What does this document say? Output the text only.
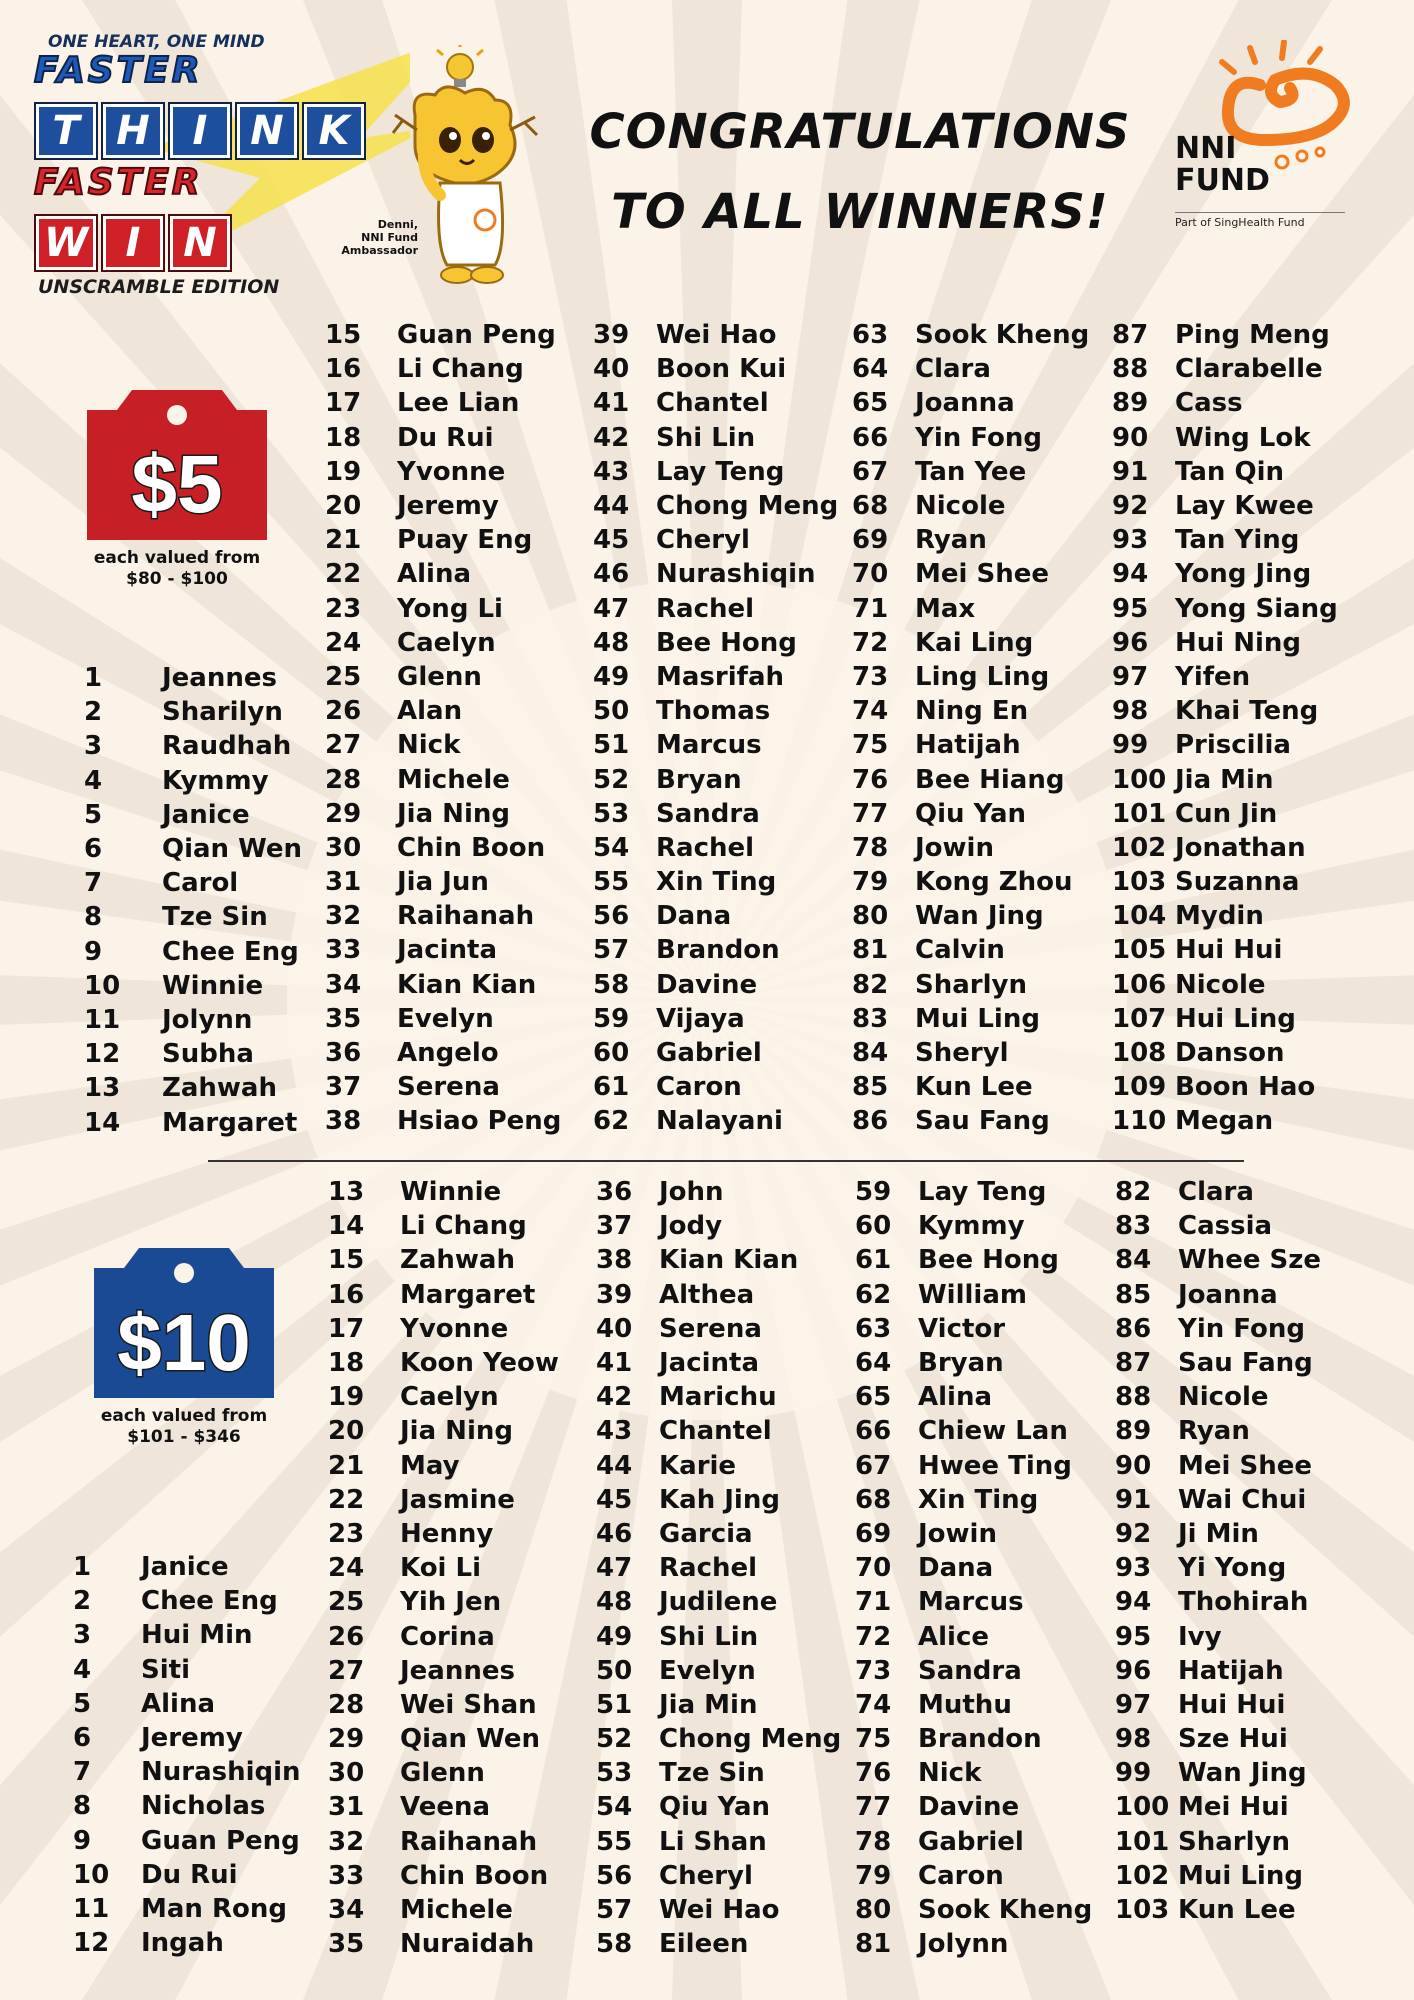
ONE HEART, ONE MIND
FASTER
T H	I	N K
FASTER
W I	N
UNSCRAMBLE EDITION
Denni,
NNI Fund
Ambassador
CONGRATULATIONS
TO ALL WINNERS!
NNI
FUND
Part of SingHealth Fund
$5
each valued from
$80 - $100
$10
each valued from
$101 - $346
1	Jeannes
2	Sharilyn
3	Raudhah
4	Kymmy
5	Janice
6	Qian Wen
7	Carol
8	Tze Sin
9	Chee Eng
10	Winnie
11	Jolynn
12	Subha
13	Zahwah
14	Margaret
15	Guan Peng
16	Li Chang
17	Lee Lian
18	Du Rui
19	Yvonne
20	Jeremy
21	Puay Eng
22	Alina
23	Yong Li
24	Caelyn
25	Glenn
26	Alan
27	Nick
28	Michele
29	Jia Ning
30	Chin Boon
31	Jia Jun
32	Raihanah
33	Jacinta
34	Kian Kian
35	Evelyn
36	Angelo
37	Serena
38	Hsiao Peng
39	Wei Hao
40	Boon Kui
41	Chantel
42	Shi Lin
43	Lay Teng
44	Chong Meng
45	Cheryl
46	Nurashiqin
47	Rachel
48	Bee Hong
49	Masrifah
50	Thomas
51	Marcus
52	Bryan
53	Sandra
54	Rachel
55	Xin Ting
56	Dana
57	Brandon
58	Davine
59	Vijaya
60	Gabriel
61	Caron
62	Nalayani
63	Sook Kheng
64	Clara
65	Joanna
66	Yin Fong
67	Tan Yee
68	Nicole
69	Ryan
70	Mei Shee
71	Max
72	Kai Ling
73	Ling Ling
74	Ning En
75	Hatijah
76	Bee Hiang
77	Qiu Yan
78	Jowin
79	Kong Zhou
80	Wan Jing
81	Calvin
82	Sharlyn
83	Mui Ling
84	Sheryl
85	Kun Lee
86	Sau Fang
87	Ping Meng
88	Clarabelle
89	Cass
90	Wing Lok
91	Tan Qin
92	Lay Kwee
93	Tan Ying
94	Yong Jing
95	Yong Siang
96	Hui Ning
97	Yifen
98	Khai Teng
99	Priscilia
100 Jia Min
101 Cun Jin
102 Jonathan
103 Suzanna
104 Mydin
105 Hui Hui
106 Nicole
107 Hui Ling
108 Danson
109 Boon Hao
110 Megan
1	Janice
2	Chee Eng
3	Hui Min
4	Siti
5	Alina
6	Jeremy
7	Nurashiqin
8	Nicholas
9	Guan Peng
10	Du Rui
11	Man Rong
12	Ingah
13	Winnie
14	Li Chang
15	Zahwah
16	Margaret
17	Yvonne
18	Koon Yeow
19	Caelyn
20	Jia Ning
21	May
22	Jasmine
23	Henny
24	Koi Li
25	Yih Jen
26	Corina
27	Jeannes
28	Wei Shan
29	Qian Wen
30	Glenn
31	Veena
32	Raihanah
33	Chin Boon
34	Michele
35	Nuraidah
36	John
37	Jody
38	Kian Kian
39	Althea
40	Serena
41	Jacinta
42	Marichu
43	Chantel
44	Karie
45	Kah Jing
46	Garcia
47	Rachel
48	Judilene
49	Shi Lin
50	Evelyn
51	Jia Min
52	Chong Meng
53	Tze Sin
54	Qiu Yan
55	Li Shan
56	Cheryl
57	Wei Hao
58	Eileen
59	Lay Teng
60	Kymmy
61	Bee Hong
62	William
63	Victor
64	Bryan
65	Alina
66	Chiew Lan
67	Hwee Ting
68	Xin Ting
69	Jowin
70	Dana
71	Marcus
72	Alice
73	Sandra
74	Muthu
75	Brandon
76	Nick
77	Davine
78	Gabriel
79	Caron
80	Sook Kheng
81	Jolynn
82	Clara
83	Cassia
84	Whee Sze
85	Joanna
86	Yin Fong
87	Sau Fang
88	Nicole
89	Ryan
90	Mei Shee
91	Wai Chui
92	Ji Min
93	Yi Yong
94	Thohirah
95	Ivy
96	Hatijah
97	Hui Hui
98	Sze Hui
99	Wan Jing
100 Mei Hui
101 Sharlyn
102 Mui Ling
103 Kun Lee
